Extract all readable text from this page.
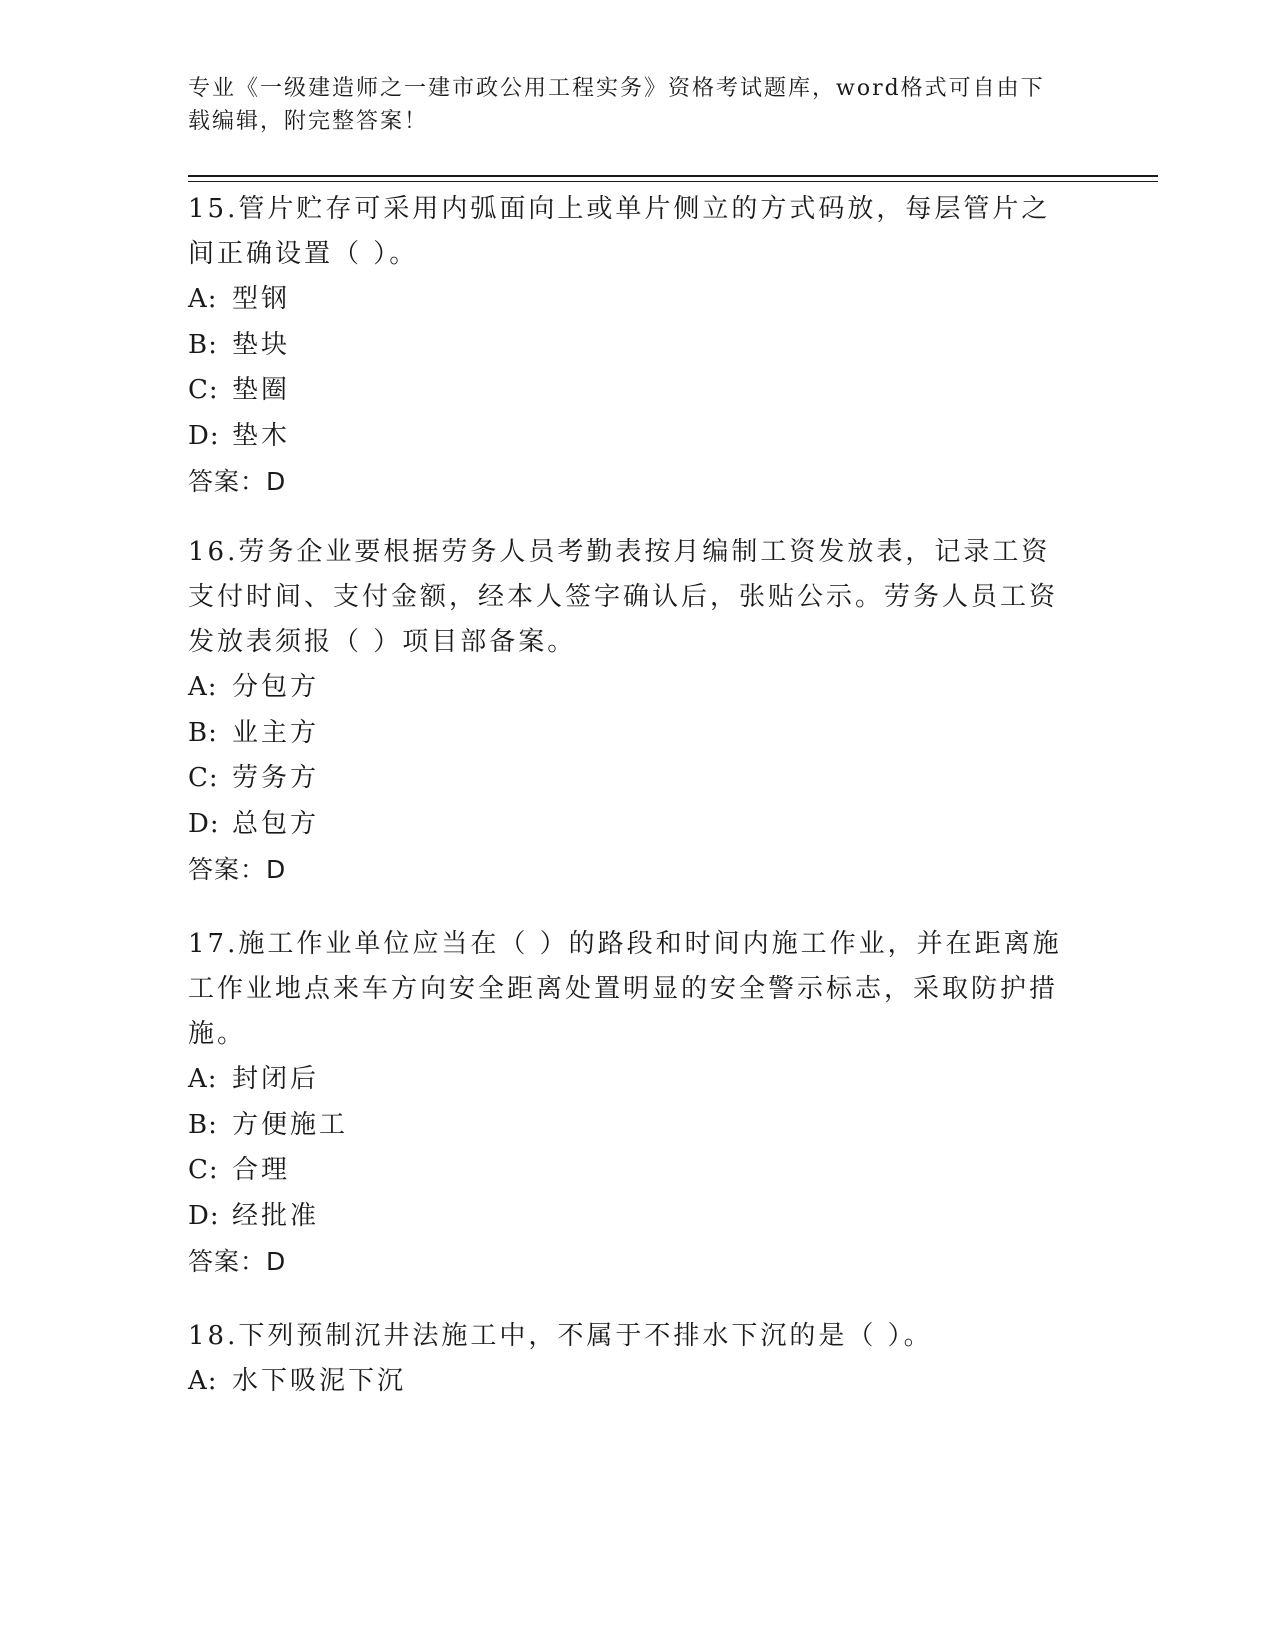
专业《一级建造师之一建市政公用工程实务》资格考试题库，word格式可自由下载编辑，附完整答案！

15.管片贮存可采用内弧面向上或单片侧立的方式码放，每层管片之间正确设置（ ）。

A: 型钢

B: 垫块

C: 垫圈

D: 垫木

答案：D

16.劳务企业要根据劳务人员考勤表按月编制工资发放表，记录工资支付时间、支付金额，经本人签字确认后，张贴公示。劳务人员工资发放表须报（ ）项目部备案。

A: 分包方

B: 业主方

C: 劳务方

D: 总包方

答案：D

17.施工作业单位应当在（ ）的路段和时间内施工作业，并在距离施工作业地点来车方向安全距离处置明显的安全警示标志，采取防护措施。

A: 封闭后

B: 方便施工

C: 合理

D: 经批准

答案：D

18.下列预制沉井法施工中，不属于不排水下沉的是（ ）。

A: 水下吸泥下沉
